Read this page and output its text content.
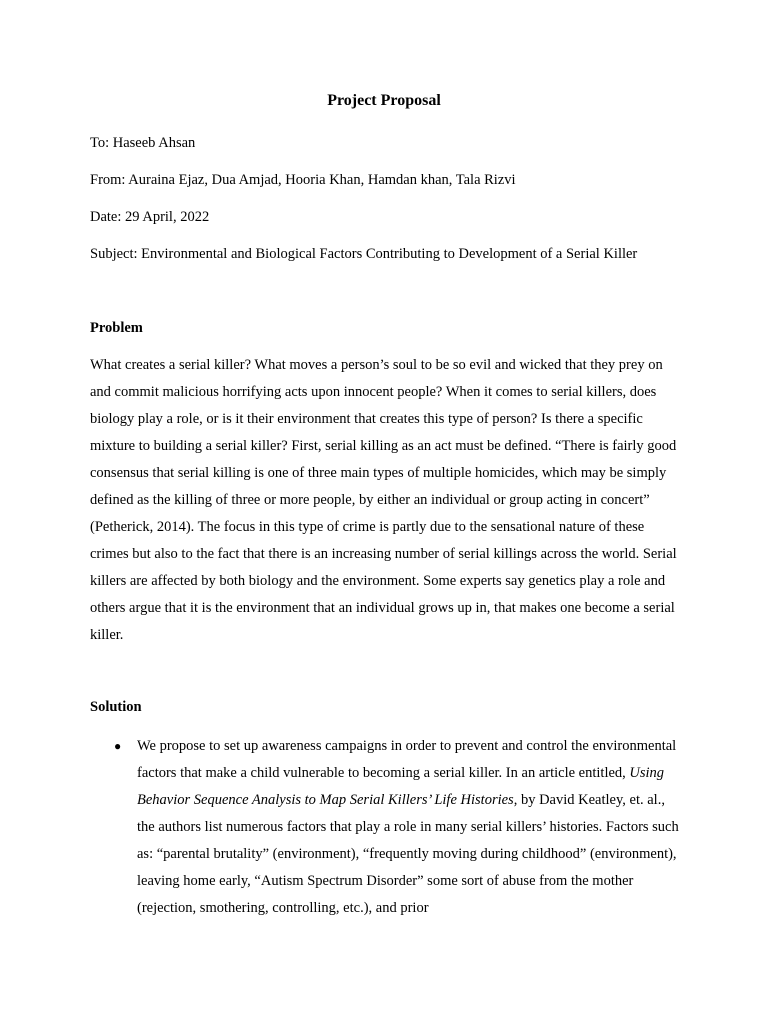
Project Proposal
To: Haseeb Ahsan
From: Auraina Ejaz, Dua Amjad, Hooria Khan, Hamdan khan, Tala Rizvi
Date: 29 April, 2022
Subject: Environmental and Biological Factors Contributing to Development of a Serial Killer
Problem

What creates a serial killer? What moves a person’s soul to be so evil and wicked that they prey on and commit malicious horrifying acts upon innocent people? When it comes to serial killers, does biology play a role, or is it their environment that creates this type of person? Is there a specific mixture to building a serial killer? First, serial killing as an act must be defined. “There is fairly good consensus that serial killing is one of three main types of multiple homicides, which may be simply defined as the killing of three or more people, by either an individual or group acting in concert” (Petherick, 2014). The focus in this type of crime is partly due to the sensational nature of these crimes but also to the fact that there is an increasing number of serial killings across the world. Serial killers are affected by both biology and the environment. Some experts say genetics play a role and others argue that it is the environment that an individual grows up in, that makes one become a serial killer.

Solution
● We propose to set up awareness campaigns in order to prevent and control the environmental factors that make a child vulnerable to becoming a serial killer. In an article entitled, Using Behavior Sequence Analysis to Map Serial Killers’ Life Histories, by David Keatley, et. al., the authors list numerous factors that play a role in many serial killers’ histories. Factors such as: “parental brutality” (environment), “frequently moving during childhood” (environment), leaving home early, “Autism Spectrum Disorder” some sort of abuse from the mother (rejection, smothering, controlling, etc.), and prior
